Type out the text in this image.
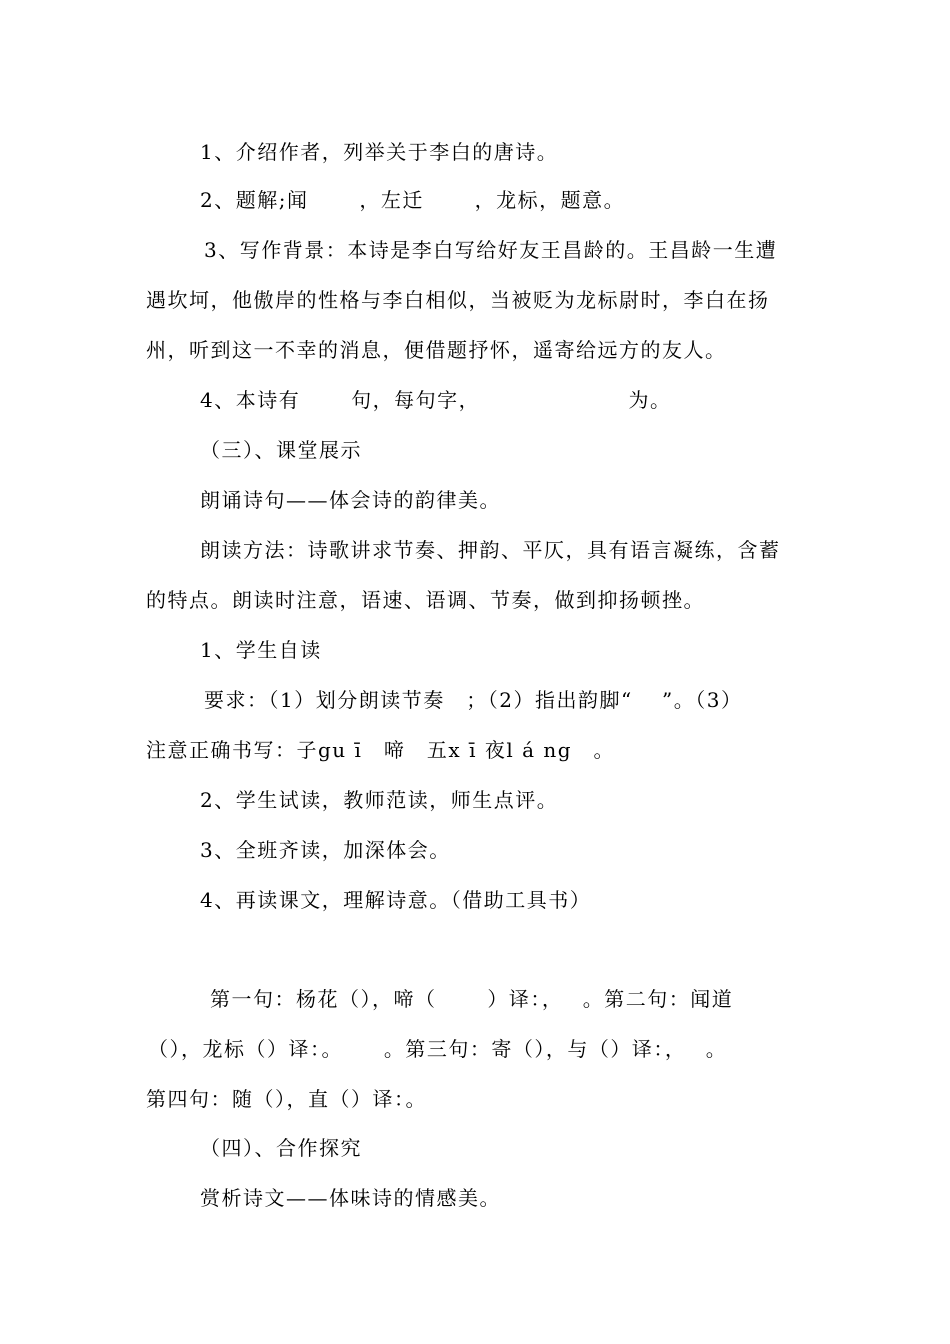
1、介绍作者，列举关于李白的唐诗。
2、题解;闻　　 ，左迁　　 ，龙标，题意。
3、写作背景：本诗是李白写给好友王昌龄的。王昌龄一生遭
遇坎坷，他傲岸的性格与李白相似，当被贬为龙标尉时，李白在扬
州，听到这一不幸的消息，便借题抒怀，遥寄给远方的友人。
4、本诗有　　 句，每句字，　　　　　　　 为。
（三）、课堂展示
朗诵诗句——体会诗的韵律美。
朗读方法：诗歌讲求节奏、押韵、平仄，具有语言凝练，含蓄
的特点。朗读时注意，语速、语调、节奏，做到抑扬顿挫。
1、学生自读
要求：（1）划分朗读节奏　；（2）指出韵脚“　 ”。（3）
注意正确书写：子gu ī　啼　五x ī 夜l á ng　。
2、学生试读，教师范读，师生点评。
3、全班齐读，加深体会。
4、再读课文，理解诗意。（借助工具书）
第一句：杨花（），啼（　　 ）译：，　 。第二句：闻道
（），龙标（）译：。　　 。第三句：寄（），与（）译：，　 。
第四句：随（），直（）译：。
（四）、合作探究
赏析诗文——体味诗的情感美。
